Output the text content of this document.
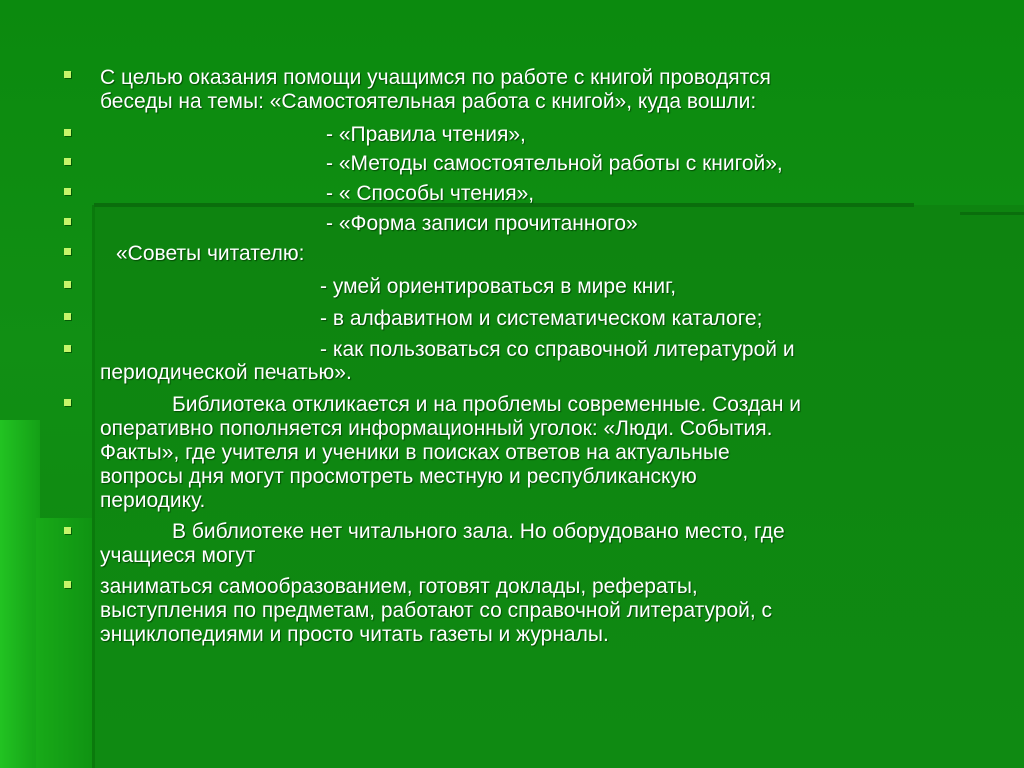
С целью оказания помощи учащимся по работе с книгой проводятся
беседы на темы: «Самостоятельная работа с книгой», куда вошли:
- «Правила чтения»,
- «Методы самостоятельной работы с книгой»,
- « Способы чтения»,
- «Форма записи прочитанного»
«Советы читателю:
- умей ориентироваться в мире книг,
- в алфавитном и систематическом каталоге;
- как пользоваться со справочной литературой и
периодической печатью».
Библиотека откликается и на проблемы современные. Создан и
оперативно пополняется информационный уголок: «Люди. События.
Факты», где учителя и ученики в поисках ответов на актуальные
вопросы дня могут просмотреть местную и республиканскую
периодику.
В библиотеке нет читального зала. Но оборудовано место, где
учащиеся могут
заниматься самообразованием, готовят доклады, рефераты,
выступления по предметам, работают со справочной литературой, с
энциклопедиями и просто читать газеты и журналы.
